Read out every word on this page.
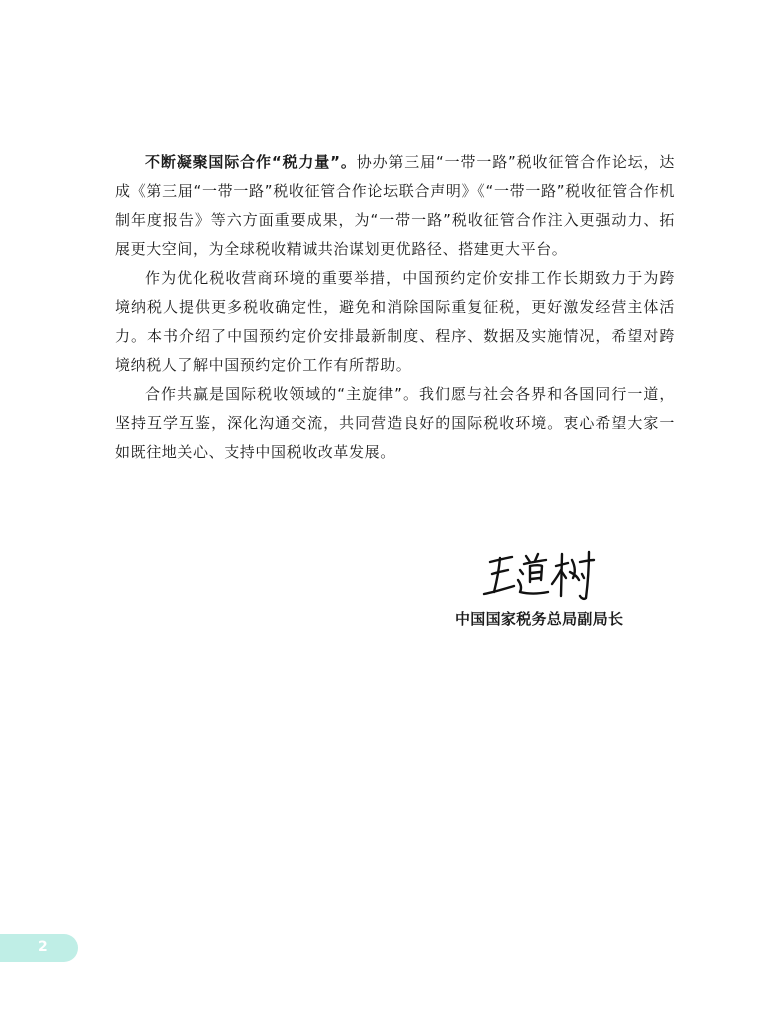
不断凝聚国际合作“税力量”。协办第三届“一带一路”税收征管合作论坛，达成《第三届“一带一路”税收征管合作论坛联合声明》《“一带一路”税收征管合作机制年度报告》等六方面重要成果，为“一带一路”税收征管合作注入更强动力、拓展更大空间，为全球税收精诚共治谋划更优路径、搭建更大平台。

作为优化税收营商环境的重要举措，中国预约定价安排工作长期致力于为跨境纳税人提供更多税收确定性，避免和消除国际重复征税，更好激发经营主体活力。本书介绍了中国预约定价安排最新制度、程序、数据及实施情况，希望对跨境纳税人了解中国预约定价工作有所帮助。

合作共赢是国际税收领域的“主旋律”。我们愿与社会各界和各国同行一道，坚持互学互鉴，深化沟通交流，共同营造良好的国际税收环境。衷心希望大家一如既往地关心、支持中国税收改革发展。

中国国家税务总局副局长
2
